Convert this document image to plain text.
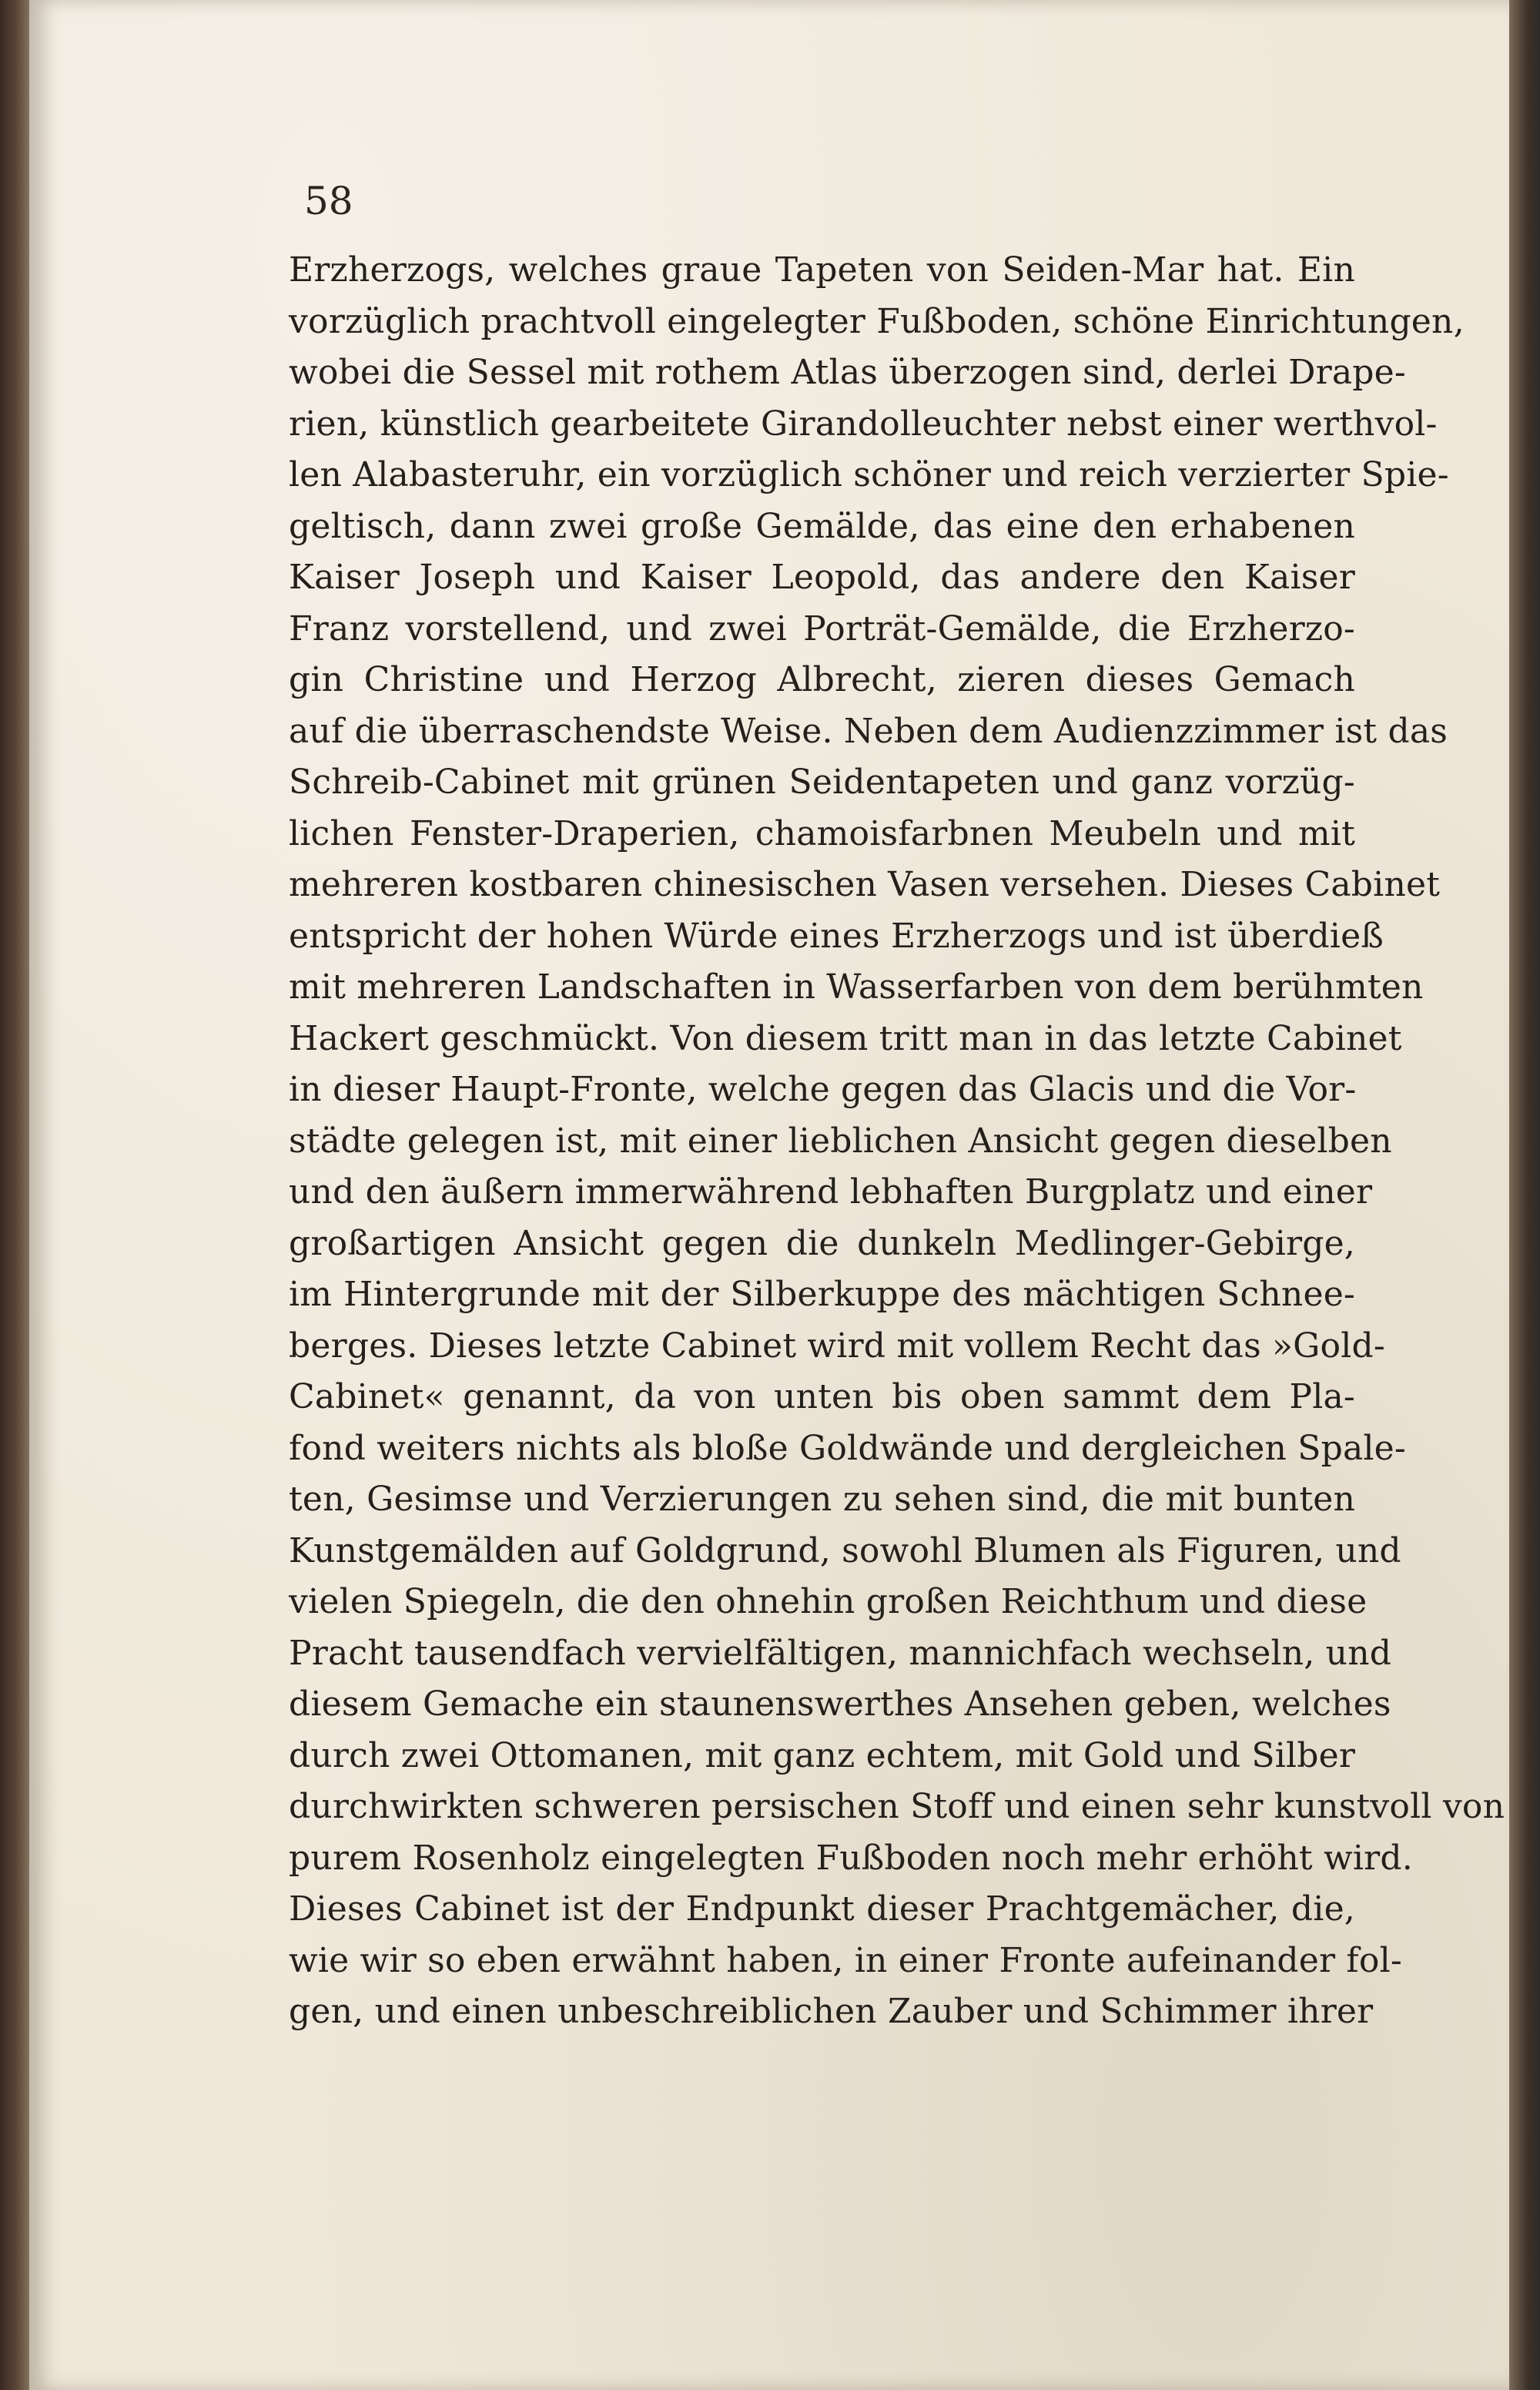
58
Erzherzogs, welches graue Tapeten von Seiden-Mar hat. Ein
vorzüglich prachtvoll eingelegter Fußboden, schöne Einrichtungen,
wobei die Sessel mit rothem Atlas überzogen sind, derlei Drape-
rien, künstlich gearbeitete Girandolleuchter nebst einer werthvol-
len Alabasteruhr, ein vorzüglich schöner und reich verzierter Spie-
geltisch, dann zwei große Gemälde, das eine den erhabenen
Kaiser Joseph und Kaiser Leopold, das andere den Kaiser
Franz vorstellend, und zwei Porträt-Gemälde, die Erzherzo-
gin Christine und Herzog Albrecht, zieren dieses Gemach
auf die überraschendste Weise. Neben dem Audienzzimmer ist das
Schreib-Cabinet mit grünen Seidentapeten und ganz vorzüg-
lichen Fenster-Draperien, chamoisfarbnen Meubeln und mit
mehreren kostbaren chinesischen Vasen versehen. Dieses Cabinet
entspricht der hohen Würde eines Erzherzogs und ist überdieß
mit mehreren Landschaften in Wasserfarben von dem berühmten
Hackert geschmückt. Von diesem tritt man in das letzte Cabinet
in dieser Haupt-Fronte, welche gegen das Glacis und die Vor-
städte gelegen ist, mit einer lieblichen Ansicht gegen dieselben
und den äußern immerwährend lebhaften Burgplatz und einer
großartigen Ansicht gegen die dunkeln Medlinger-Gebirge,
im Hintergrunde mit der Silberkuppe des mächtigen Schnee-
berges. Dieses letzte Cabinet wird mit vollem Recht das »Gold-
Cabinet« genannt, da von unten bis oben sammt dem Pla-
fond weiters nichts als bloße Goldwände und dergleichen Spale-
ten, Gesimse und Verzierungen zu sehen sind, die mit bunten
Kunstgemälden auf Goldgrund, sowohl Blumen als Figuren, und
vielen Spiegeln, die den ohnehin großen Reichthum und diese
Pracht tausendfach vervielfältigen, mannichfach wechseln, und
diesem Gemache ein staunenswerthes Ansehen geben, welches
durch zwei Ottomanen, mit ganz echtem, mit Gold und Silber
durchwirkten schweren persischen Stoff und einen sehr kunstvoll von
purem Rosenholz eingelegten Fußboden noch mehr erhöht wird.
Dieses Cabinet ist der Endpunkt dieser Prachtgemächer, die,
wie wir so eben erwähnt haben, in einer Fronte aufeinander fol-
gen, und einen unbeschreiblichen Zauber und Schimmer ihrer
